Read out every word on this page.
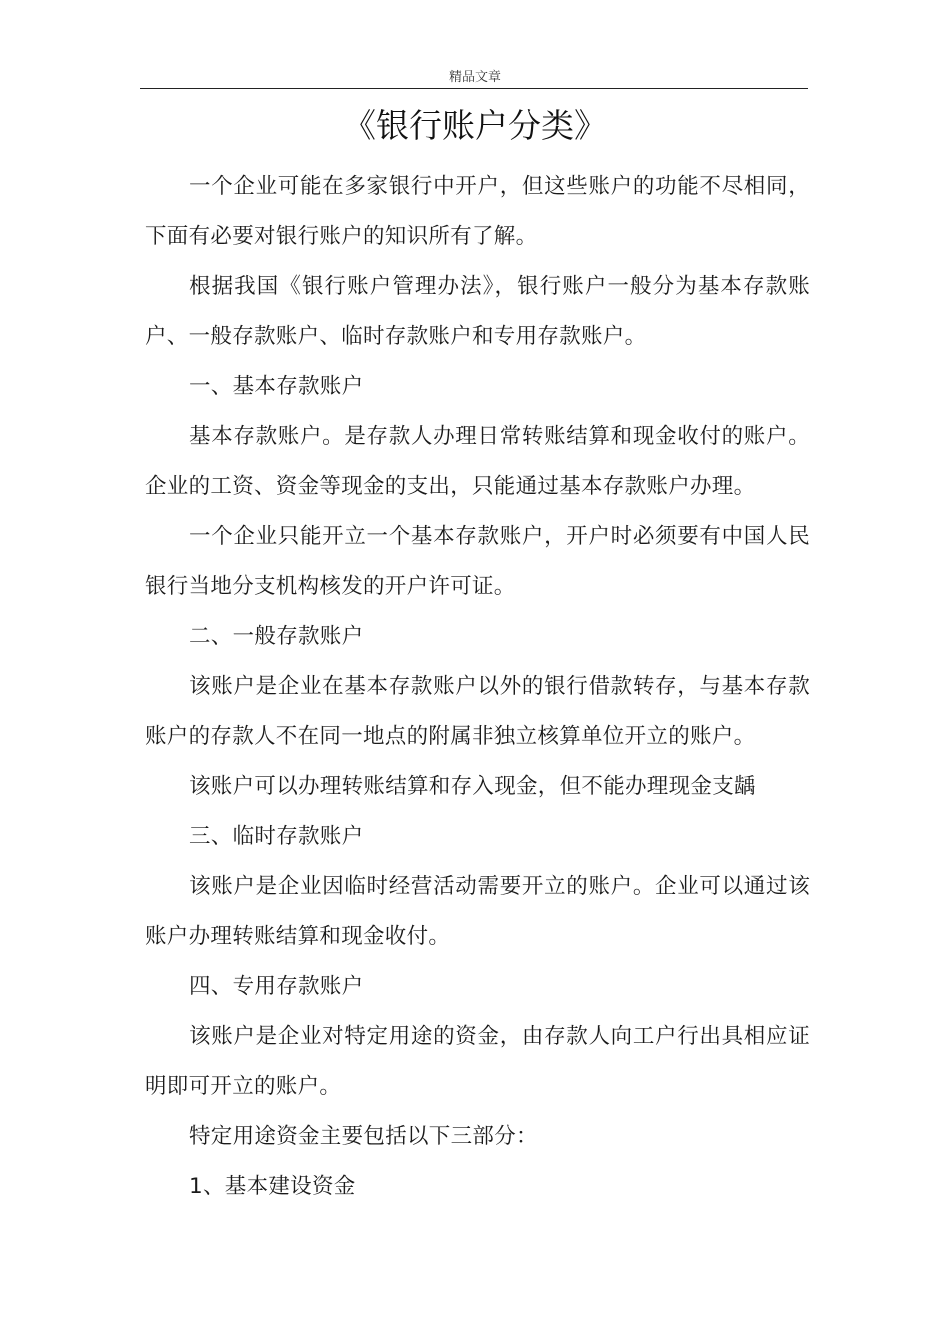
精品文章
《银行账户分类》

一个企业可能在多家银行中开户，但这些账户的功能不尽相同，下面有必要对银行账户的知识所有了解。

根据我国《银行账户管理办法》，银行账户一般分为基本存款账户、一般存款账户、临时存款账户和专用存款账户。

一、基本存款账户

基本存款账户。是存款人办理日常转账结算和现金收付的账户。企业的工资、资金等现金的支出，只能通过基本存款账户办理。

一个企业只能开立一个基本存款账户，开户时必须要有中国人民银行当地分支机构核发的开户许可证。

二、一般存款账户

该账户是企业在基本存款账户以外的银行借款转存，与基本存款账户的存款人不在同一地点的附属非独立核算单位开立的账户。

该账户可以办理转账结算和存入现金，但不能办理现金支龋

三、临时存款账户

该账户是企业因临时经营活动需要开立的账户。企业可以通过该账户办理转账结算和现金收付。

四、专用存款账户

该账户是企业对特定用途的资金，由存款人向工户行出具相应证明即可开立的账户。

特定用途资金主要包括以下三部分：

1、基本建设资金
